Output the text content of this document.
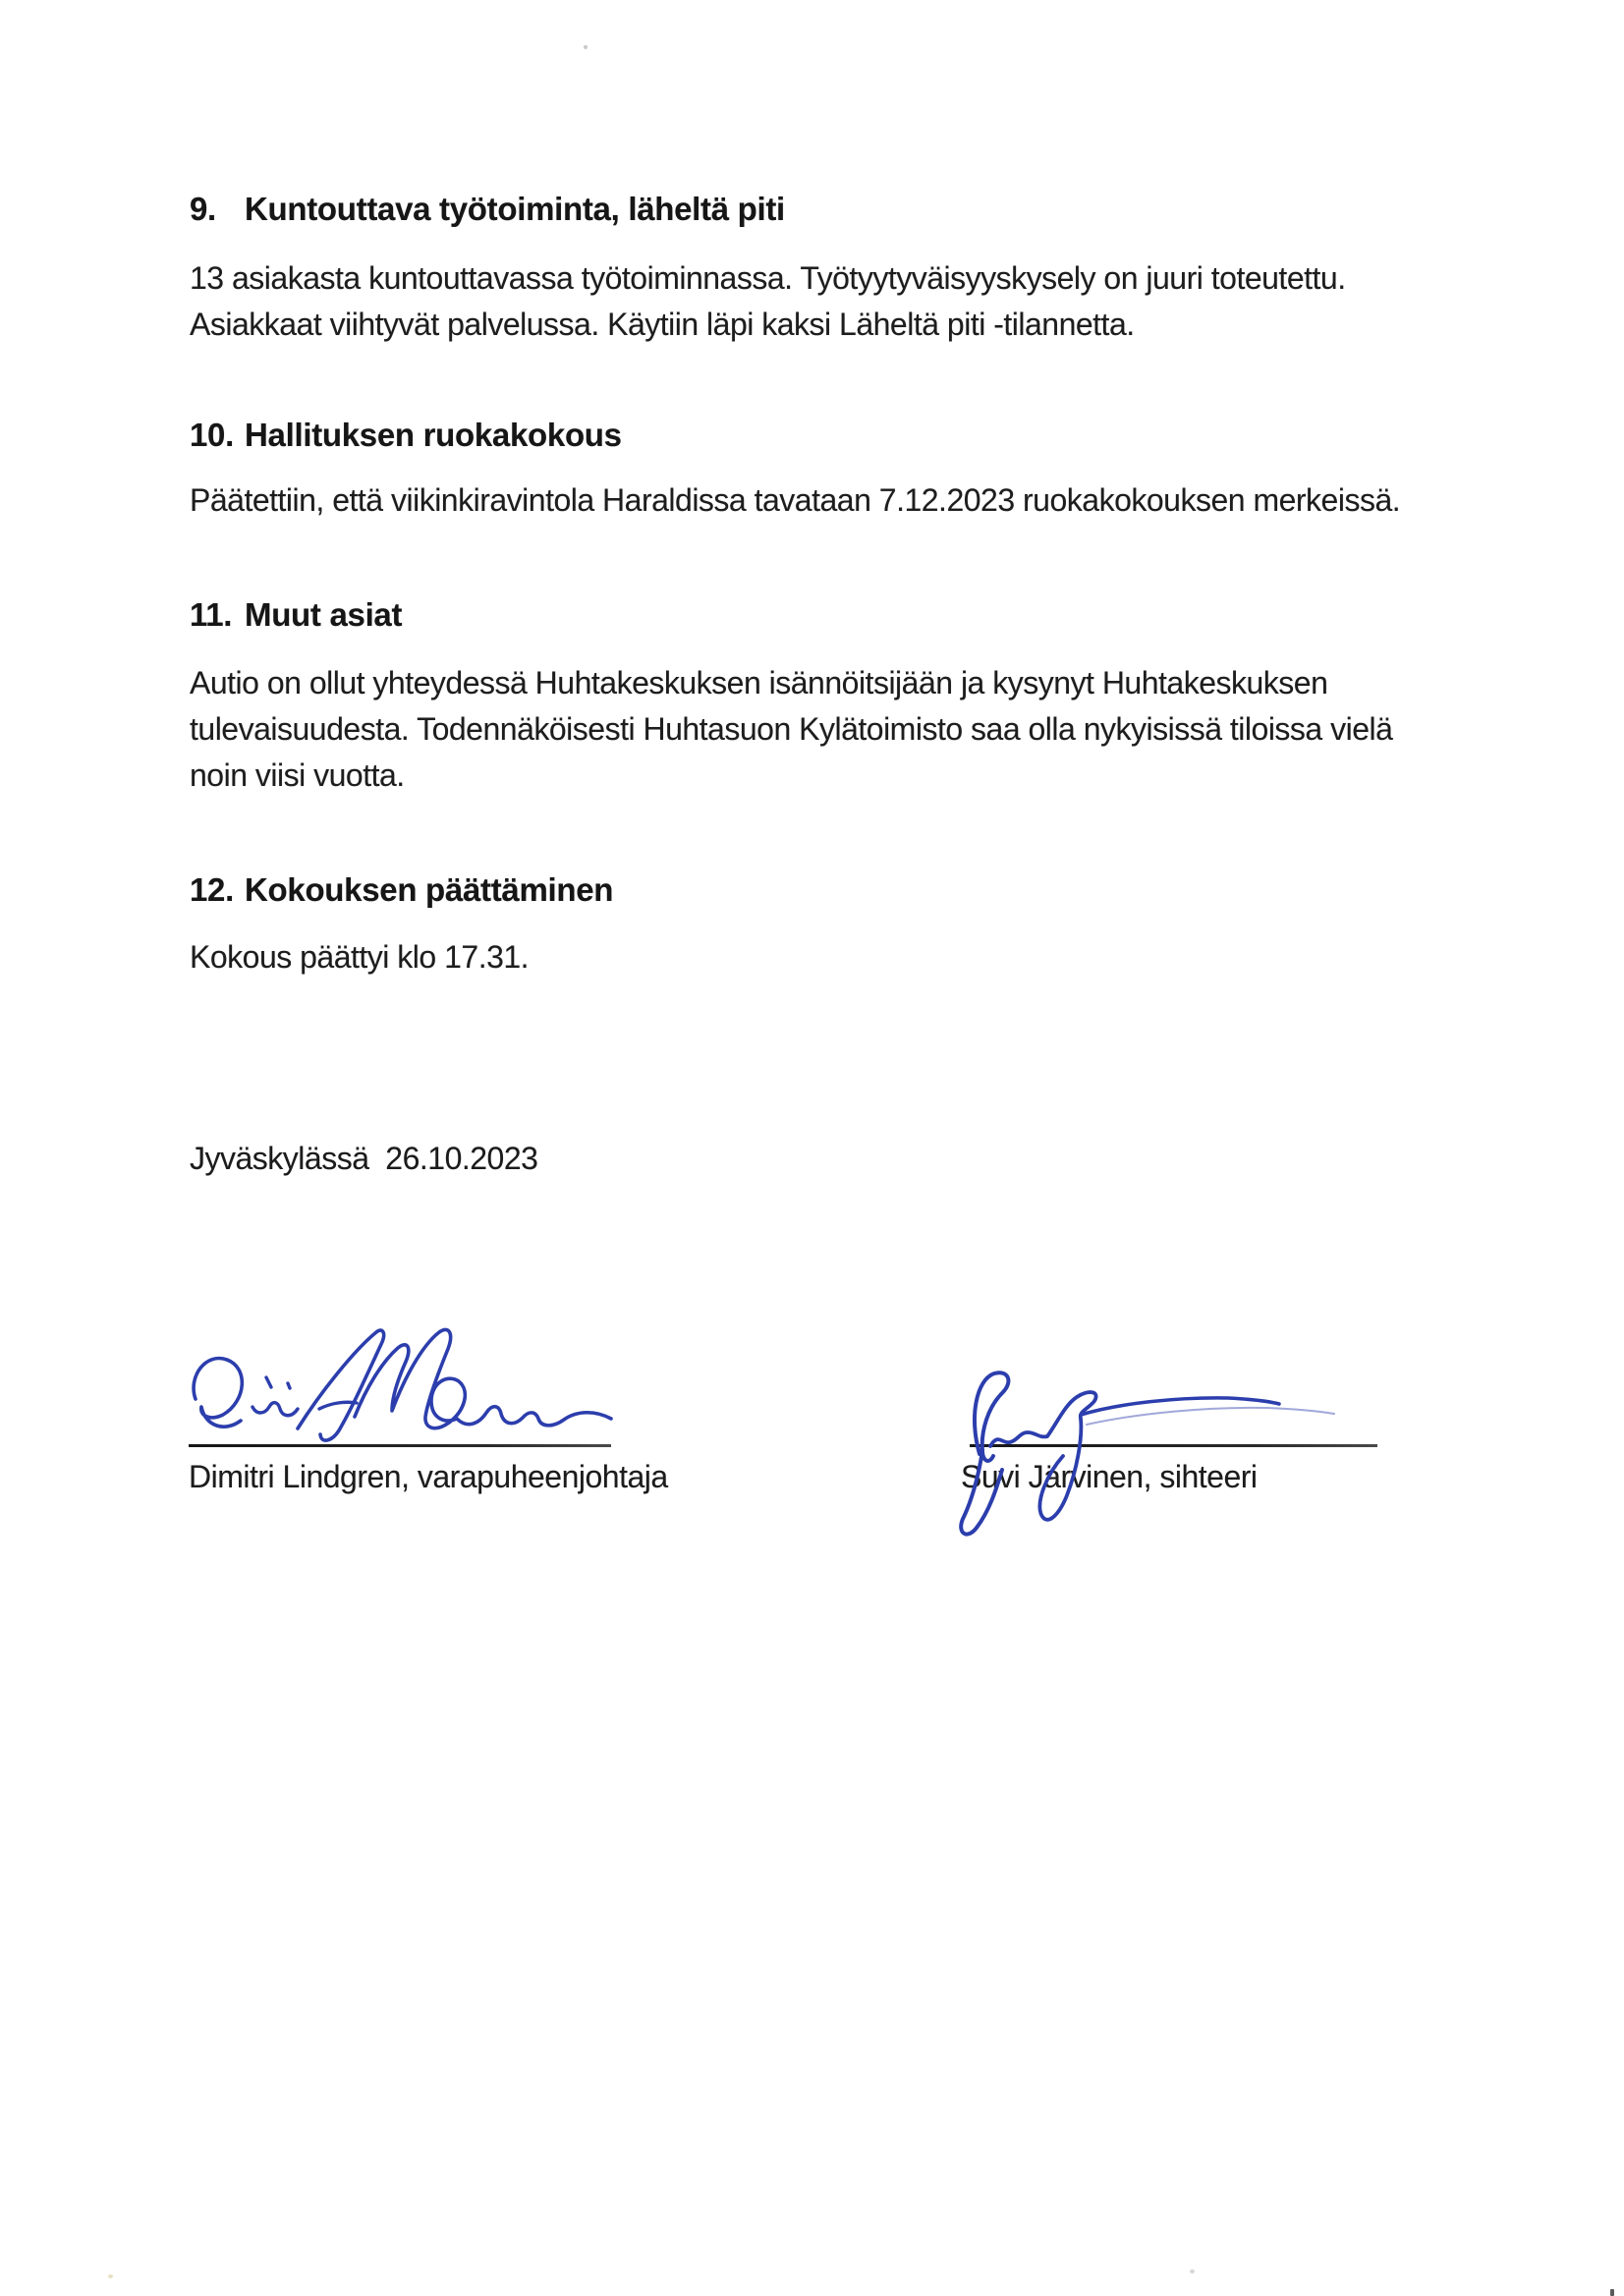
9. Kuntouttava työtoiminta, läheltä piti
13 asiakasta kuntouttavassa työtoiminnassa. Työtyytyväisyyskysely on juuri toteutettu.
Asiakkaat viihtyvät palvelussa. Käytiin läpi kaksi Läheltä piti -tilannetta.
10. Hallituksen ruokakokous
Päätettiin, että viikinkiravintola Haraldissa tavataan 7.12.2023 ruokakokouksen merkeissä.
11. Muut asiat
Autio on ollut yhteydessä Huhtakeskuksen isännöitsijään ja kysynyt Huhtakeskuksen
tulevaisuudesta. Todennäköisesti Huhtasuon Kylätoimisto saa olla nykyisissä tiloissa vielä
noin viisi vuotta.
12. Kokouksen päättäminen
Kokous päättyi klo 17.31.
Jyväskylässä  26.10.2023
Dimitri Lindgren, varapuheenjohtaja	Suvi Järvinen, sihteeri
